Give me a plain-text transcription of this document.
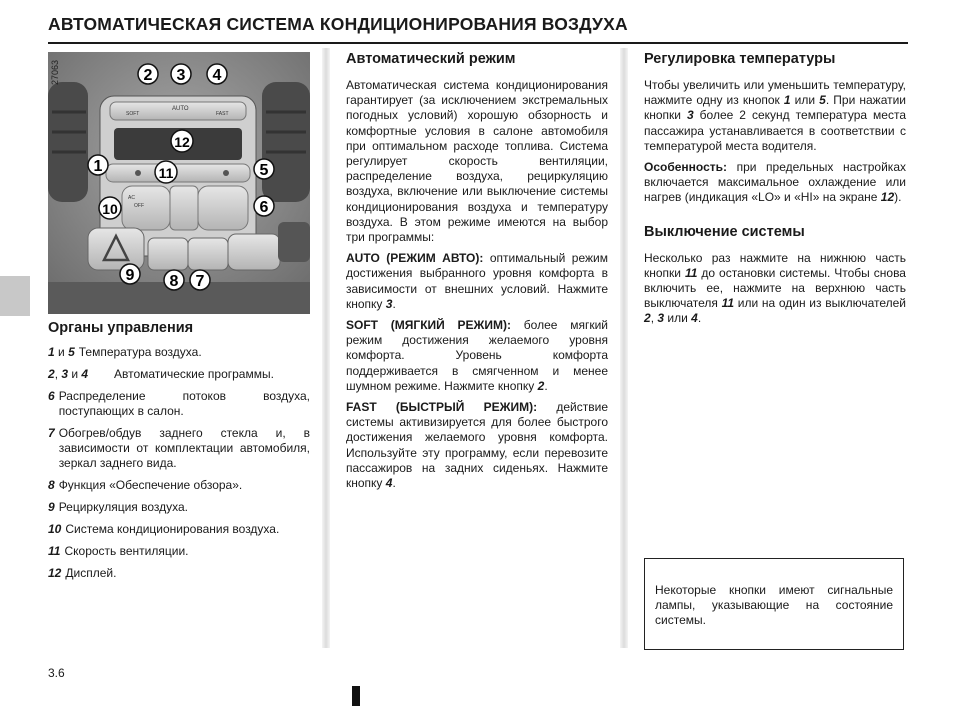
АВТОМАТИЧЕСКАЯ СИСТЕМА КОНДИЦИОНИРОВАНИЯ ВОЗДУХА
SOFT
AUTO
FAST
AC
OFF
2 3 4
1	5
6
7
8
9
10
11
12
27063
Органы управления
1 и 5 Температура воздуха.
2, 3 и 4	Автоматические программы.
6 Распределение потоков воздуха, поступающих в салон.
7 Обогрев/обдув заднего стекла и, в зависимости от комплектации автомобиля, зеркал заднего вида.
8 Функция «Обеспечение обзора».
9 Рециркуляция воздуха.
10 Система кондиционирования воздуха.
11 Скорость вентиляции.
12 Дисплей.
Автоматический режим

Автоматическая система кондиционирования гарантирует (за исключением экстремальных погодных условий) хорошую обзорность и комфортные условия в салоне автомобиля при оптимальном расходе топлива. Система регулирует скорость вентиляции, распределение воздуха, рециркуляцию воздуха, включение или выключение системы кондиционирования воздуха и температуру воздуха. В этом режиме имеются на выбор три программы:

AUTO (РЕЖИМ АВТО): оптимальный режим достижения выбранного уровня комфорта в зависимости от внешних условий. Нажмите кнопку 3.

SOFT (МЯГКИЙ РЕЖИМ): более мягкий режим достижения желаемого уровня комфорта. Уровень комфорта поддерживается в смягченном и менее шумном режиме. Нажмите кнопку 2.

FAST (БЫСТРЫЙ РЕЖИМ): действие системы активизируется для более быстрого достижения желаемого уровня комфорта. Используйте эту программу, если перевозите пассажиров на задних сиденьях. Нажмите кнопку 4.

Регулировка температуры

Чтобы увеличить или уменьшить температуру, нажмите одну из кнопок 1 или 5. При нажатии кнопки 3 более 2 секунд температура места пассажира устанавливается в соответствии с температурой места водителя.

Особенность: при предельных настройках включается максимальное охлаждение или нагрев (индикация «LO» и «HI» на экране 12).

Выключение системы

Несколько раз нажмите на нижнюю часть кнопки 11 до остановки системы. Чтобы снова включить ее, нажмите на верхнюю часть выключателя 11 или на один из выключателей 2, 3 или 4.

Некоторые кнопки имеют сигнальные лампы, указывающие на состояние системы.
3.6
